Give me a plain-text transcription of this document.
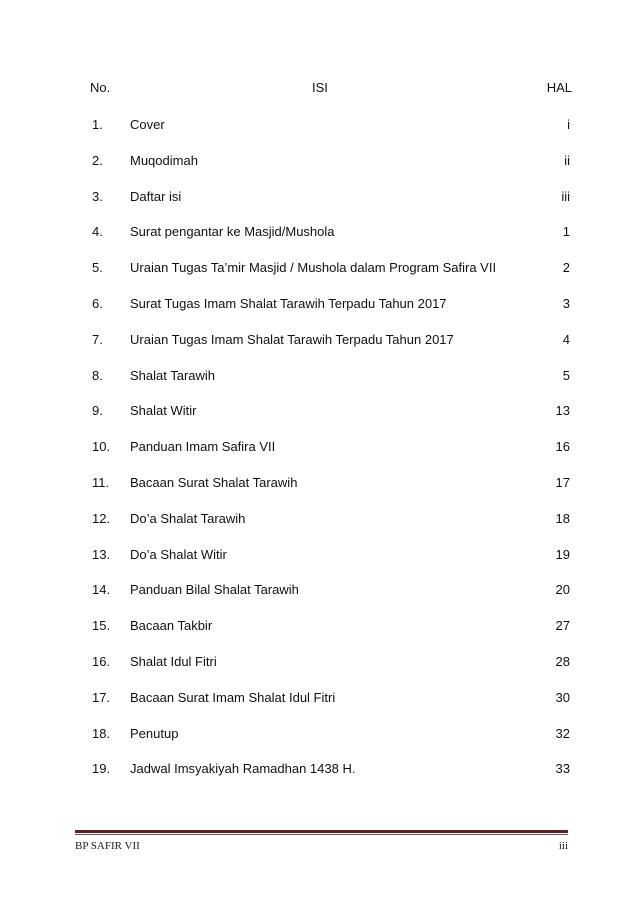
No.	ISI	HAL
1.	Cover	i
2.	Muqodimah	ii
3.	Daftar isi	iii
4.	Surat pengantar ke Masjid/Mushola	1
5.	Uraian Tugas Ta’mir Masjid / Mushola dalam Program Safira VII	2
6.	Surat Tugas Imam Shalat Tarawih Terpadu Tahun 2017	3
7.	Uraian Tugas Imam Shalat Tarawih Terpadu Tahun 2017	4
8.	Shalat Tarawih	5
9.	Shalat Witir	13
10.	Panduan Imam Safira VII	16
11.	Bacaan Surat Shalat Tarawih	17
12.	Do’a Shalat Tarawih	18
13.	Do’a Shalat Witir	19
14.	Panduan Bilal Shalat Tarawih	20
15.	Bacaan Takbir	27
16.	Shalat Idul Fitri	28
17.	Bacaan Surat Imam Shalat Idul Fitri	30
18.	Penutup	32
19.	Jadwal Imsyakiyah Ramadhan 1438 H.	33
BP SAFIR VII	iii
